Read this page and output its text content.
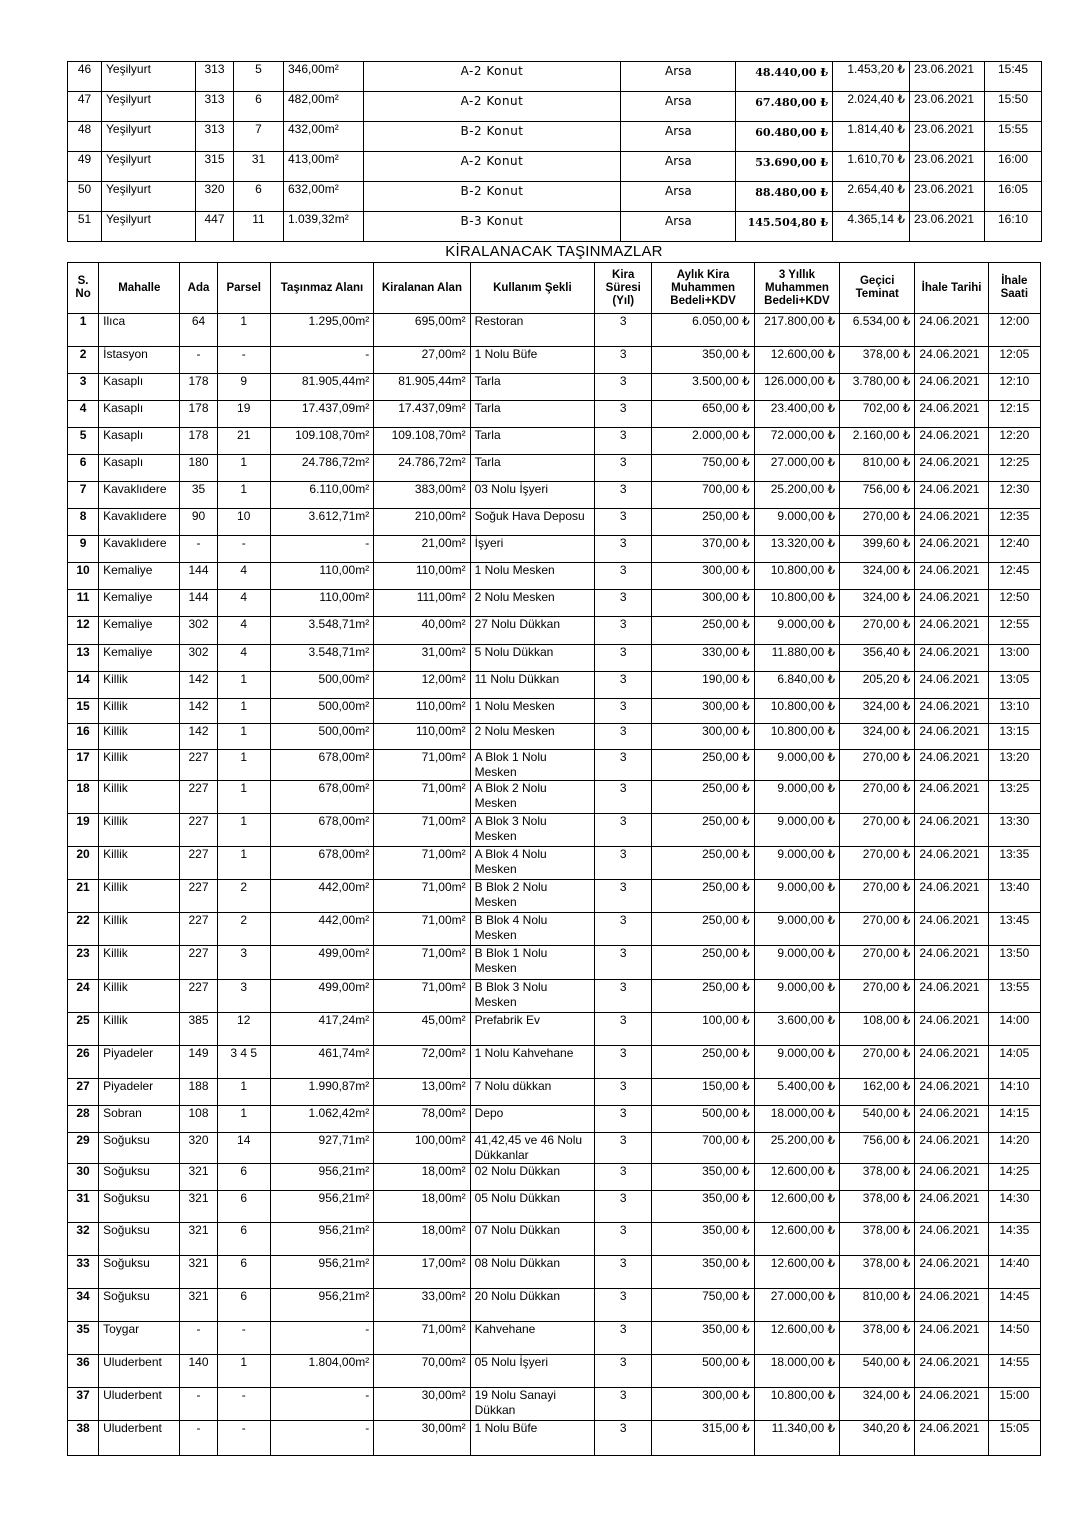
46	Yeşilyurt	313	5	346,00m²	A-2 Konut	Arsa	48.440,00 ₺	1.453,20 ₺	23.06.2021	15:45
47	Yeşilyurt	313	6	482,00m²	A-2 Konut	Arsa	67.480,00 ₺	2.024,40 ₺	23.06.2021	15:50
48	Yeşilyurt	313	7	432,00m²	B-2 Konut	Arsa	60.480,00 ₺	1.814,40 ₺	23.06.2021	15:55
49	Yeşilyurt	315	31	413,00m²	A-2 Konut	Arsa	53.690,00 ₺	1.610,70 ₺	23.06.2021	16:00
50	Yeşilyurt	320	6	632,00m²	B-2 Konut	Arsa	88.480,00 ₺	2.654,40 ₺	23.06.2021	16:05
51	Yeşilyurt	447	11	1.039,32m²	B-3 Konut	Arsa	145.504,80 ₺	4.365,14 ₺	23.06.2021	16:10
KİRALANACAK TAŞINMAZLAR
S. No	Mahalle	Ada	Parsel	Taşınmaz Alanı	Kiralanan Alan	Kullanım Şekli	Kira Süresi (Yıl)	Aylık Kira Muhammen Bedeli+KDV	3 Yıllık Muhammen Bedeli+KDV	Geçici Teminat	İhale Tarihi	İhale Saati
1	Ilıca	64	1	1.295,00m²	695,00m²	Restoran	3	6.050,00 ₺	217.800,00 ₺	6.534,00 ₺	24.06.2021	12:00
2	İstasyon	-	-	-	27,00m²	1 Nolu Büfe	3	350,00 ₺	12.600,00 ₺	378,00 ₺	24.06.2021	12:05
3	Kasaplı	178	9	81.905,44m²	81.905,44m²	Tarla	3	3.500,00 ₺	126.000,00 ₺	3.780,00 ₺	24.06.2021	12:10
4	Kasaplı	178	19	17.437,09m²	17.437,09m²	Tarla	3	650,00 ₺	23.400,00 ₺	702,00 ₺	24.06.2021	12:15
5	Kasaplı	178	21	109.108,70m²	109.108,70m²	Tarla	3	2.000,00 ₺	72.000,00 ₺	2.160,00 ₺	24.06.2021	12:20
6	Kasaplı	180	1	24.786,72m²	24.786,72m²	Tarla	3	750,00 ₺	27.000,00 ₺	810,00 ₺	24.06.2021	12:25
7	Kavaklıdere	35	1	6.110,00m²	383,00m²	03 Nolu İşyeri	3	700,00 ₺	25.200,00 ₺	756,00 ₺	24.06.2021	12:30
8	Kavaklıdere	90	10	3.612,71m²	210,00m²	Soğuk Hava Deposu	3	250,00 ₺	9.000,00 ₺	270,00 ₺	24.06.2021	12:35
9	Kavaklıdere	-	-	-	21,00m²	İşyeri	3	370,00 ₺	13.320,00 ₺	399,60 ₺	24.06.2021	12:40
10	Kemaliye	144	4	110,00m²	110,00m²	1 Nolu Mesken	3	300,00 ₺	10.800,00 ₺	324,00 ₺	24.06.2021	12:45
11	Kemaliye	144	4	110,00m²	111,00m²	2 Nolu Mesken	3	300,00 ₺	10.800,00 ₺	324,00 ₺	24.06.2021	12:50
12	Kemaliye	302	4	3.548,71m²	40,00m²	27 Nolu Dükkan	3	250,00 ₺	9.000,00 ₺	270,00 ₺	24.06.2021	12:55
13	Kemaliye	302	4	3.548,71m²	31,00m²	5 Nolu Dükkan	3	330,00 ₺	11.880,00 ₺	356,40 ₺	24.06.2021	13:00
14	Killik	142	1	500,00m²	12,00m²	11 Nolu Dükkan	3	190,00 ₺	6.840,00 ₺	205,20 ₺	24.06.2021	13:05
15	Killik	142	1	500,00m²	110,00m²	1 Nolu Mesken	3	300,00 ₺	10.800,00 ₺	324,00 ₺	24.06.2021	13:10
16	Killik	142	1	500,00m²	110,00m²	2 Nolu Mesken	3	300,00 ₺	10.800,00 ₺	324,00 ₺	24.06.2021	13:15
17	Killik	227	1	678,00m²	71,00m²	A Blok 1 Nolu Mesken	3	250,00 ₺	9.000,00 ₺	270,00 ₺	24.06.2021	13:20
18	Killik	227	1	678,00m²	71,00m²	A Blok 2 Nolu Mesken	3	250,00 ₺	9.000,00 ₺	270,00 ₺	24.06.2021	13:25
19	Killik	227	1	678,00m²	71,00m²	A Blok 3 Nolu Mesken	3	250,00 ₺	9.000,00 ₺	270,00 ₺	24.06.2021	13:30
20	Killik	227	1	678,00m²	71,00m²	A Blok 4 Nolu Mesken	3	250,00 ₺	9.000,00 ₺	270,00 ₺	24.06.2021	13:35
21	Killik	227	2	442,00m²	71,00m²	B Blok 2 Nolu Mesken	3	250,00 ₺	9.000,00 ₺	270,00 ₺	24.06.2021	13:40
22	Killik	227	2	442,00m²	71,00m²	B Blok 4 Nolu Mesken	3	250,00 ₺	9.000,00 ₺	270,00 ₺	24.06.2021	13:45
23	Killik	227	3	499,00m²	71,00m²	B Blok 1 Nolu Mesken	3	250,00 ₺	9.000,00 ₺	270,00 ₺	24.06.2021	13:50
24	Killik	227	3	499,00m²	71,00m²	B Blok 3 Nolu Mesken	3	250,00 ₺	9.000,00 ₺	270,00 ₺	24.06.2021	13:55
25	Killik	385	12	417,24m²	45,00m²	Prefabrik Ev	3	100,00 ₺	3.600,00 ₺	108,00 ₺	24.06.2021	14:00
26	Piyadeler	149	3 4 5	461,74m²	72,00m²	1 Nolu Kahvehane	3	250,00 ₺	9.000,00 ₺	270,00 ₺	24.06.2021	14:05
27	Piyadeler	188	1	1.990,87m²	13,00m²	7 Nolu dükkan	3	150,00 ₺	5.400,00 ₺	162,00 ₺	24.06.2021	14:10
28	Sobran	108	1	1.062,42m²	78,00m²	Depo	3	500,00 ₺	18.000,00 ₺	540,00 ₺	24.06.2021	14:15
29	Soğuksu	320	14	927,71m²	100,00m²	41,42,45 ve 46 Nolu Dükkanlar	3	700,00 ₺	25.200,00 ₺	756,00 ₺	24.06.2021	14:20
30	Soğuksu	321	6	956,21m²	18,00m²	02 Nolu Dükkan	3	350,00 ₺	12.600,00 ₺	378,00 ₺	24.06.2021	14:25
31	Soğuksu	321	6	956,21m²	18,00m²	05 Nolu Dükkan	3	350,00 ₺	12.600,00 ₺	378,00 ₺	24.06.2021	14:30
32	Soğuksu	321	6	956,21m²	18,00m²	07 Nolu Dükkan	3	350,00 ₺	12.600,00 ₺	378,00 ₺	24.06.2021	14:35
33	Soğuksu	321	6	956,21m²	17,00m²	08 Nolu Dükkan	3	350,00 ₺	12.600,00 ₺	378,00 ₺	24.06.2021	14:40
34	Soğuksu	321	6	956,21m²	33,00m²	20 Nolu Dükkan	3	750,00 ₺	27.000,00 ₺	810,00 ₺	24.06.2021	14:45
35	Toygar	-	-	-	71,00m²	Kahvehane	3	350,00 ₺	12.600,00 ₺	378,00 ₺	24.06.2021	14:50
36	Uluderbent	140	1	1.804,00m²	70,00m²	05 Nolu İşyeri	3	500,00 ₺	18.000,00 ₺	540,00 ₺	24.06.2021	14:55
37	Uluderbent	-	-	-	30,00m²	19 Nolu Sanayi Dükkan	3	300,00 ₺	10.800,00 ₺	324,00 ₺	24.06.2021	15:00
38	Uluderbent	-	-	-	30,00m²	1 Nolu Büfe	3	315,00 ₺	11.340,00 ₺	340,20 ₺	24.06.2021	15:05
